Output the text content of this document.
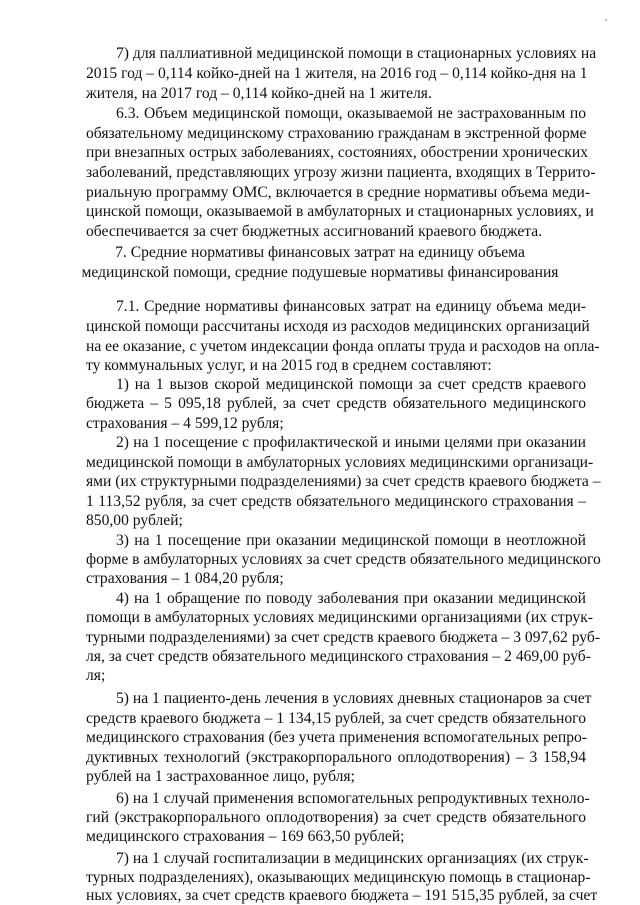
°
7) для паллиативной медицинской помощи в стационарных условиях на
2015 год – 0,114 койко-дней на 1 жителя, на 2016 год – 0,114 койко-дня на 1
жителя, на 2017 год – 0,114 койко-дней на 1 жителя.
6.3. Объем медицинской помощи, оказываемой не застрахованным по
обязательному медицинскому страхованию гражданам в экстренной форме
при внезапных острых заболеваниях, состояниях, обострении хронических
заболеваний, представляющих угрозу жизни пациента, входящих в Террито-
риальную программу ОМС, включается в средние нормативы объема меди-
цинской помощи, оказываемой в амбулаторных и стационарных условиях, и
обеспечивается за счет бюджетных ассигнований краевого бюджета.
7. Средние нормативы финансовых затрат на единицу объема
медицинской помощи, средние подушевые нормативы финансирования
7.1. Средние нормативы финансовых затрат на единицу объема меди-
цинской помощи рассчитаны исходя из расходов медицинских организаций
на ее оказание, с учетом индексации фонда оплаты труда и расходов на опла-
ту коммунальных услуг, и на 2015 год в среднем составляют:
1) на 1 вызов скорой медицинской помощи за счет средств краевого
бюджета – 5 095,18 рублей, за счет средств обязательного медицинского
страхования – 4 599,12 рубля;
2) на 1 посещение с профилактической и иными целями при оказании
медицинской помощи в амбулаторных условиях медицинскими организаци-
ями (их структурными подразделениями) за счет средств краевого бюджета –
1 113,52 рубля, за счет средств обязательного медицинского страхования –
850,00 рублей;
3) на 1 посещение при оказании медицинской помощи в неотложной
форме в амбулаторных условиях за счет средств обязательного медицинского
страхования – 1 084,20 рубля;
4) на 1 обращение по поводу заболевания при оказании медицинской
помощи в амбулаторных условиях медицинскими организациями (их струк-
турными подразделениями) за счет средств краевого бюджета – 3 097,62 руб-
ля, за счет средств обязательного медицинского страхования – 2 469,00 руб-
ля;
5) на 1 пациенто-день лечения в условиях дневных стационаров за счет
средств краевого бюджета – 1 134,15 рублей, за счет средств обязательного
медицинского страхования (без учета применения вспомогательных репро-
дуктивных технологий (экстракорпорального оплодотворения) – 3 158,94
рублей на 1 застрахованное лицо, рубля;
6) на 1 случай применения вспомогательных репродуктивных техноло-
гий (экстракорпорального оплодотворения) за счет средств обязательного
медицинского страхования – 169 663,50 рублей;
7) на 1 случай госпитализации в медицинских организациях (их струк-
турных подразделениях), оказывающих медицинскую помощь в стационар-
ных условиях, за счет средств краевого бюджета – 191 515,35 рублей, за счет
